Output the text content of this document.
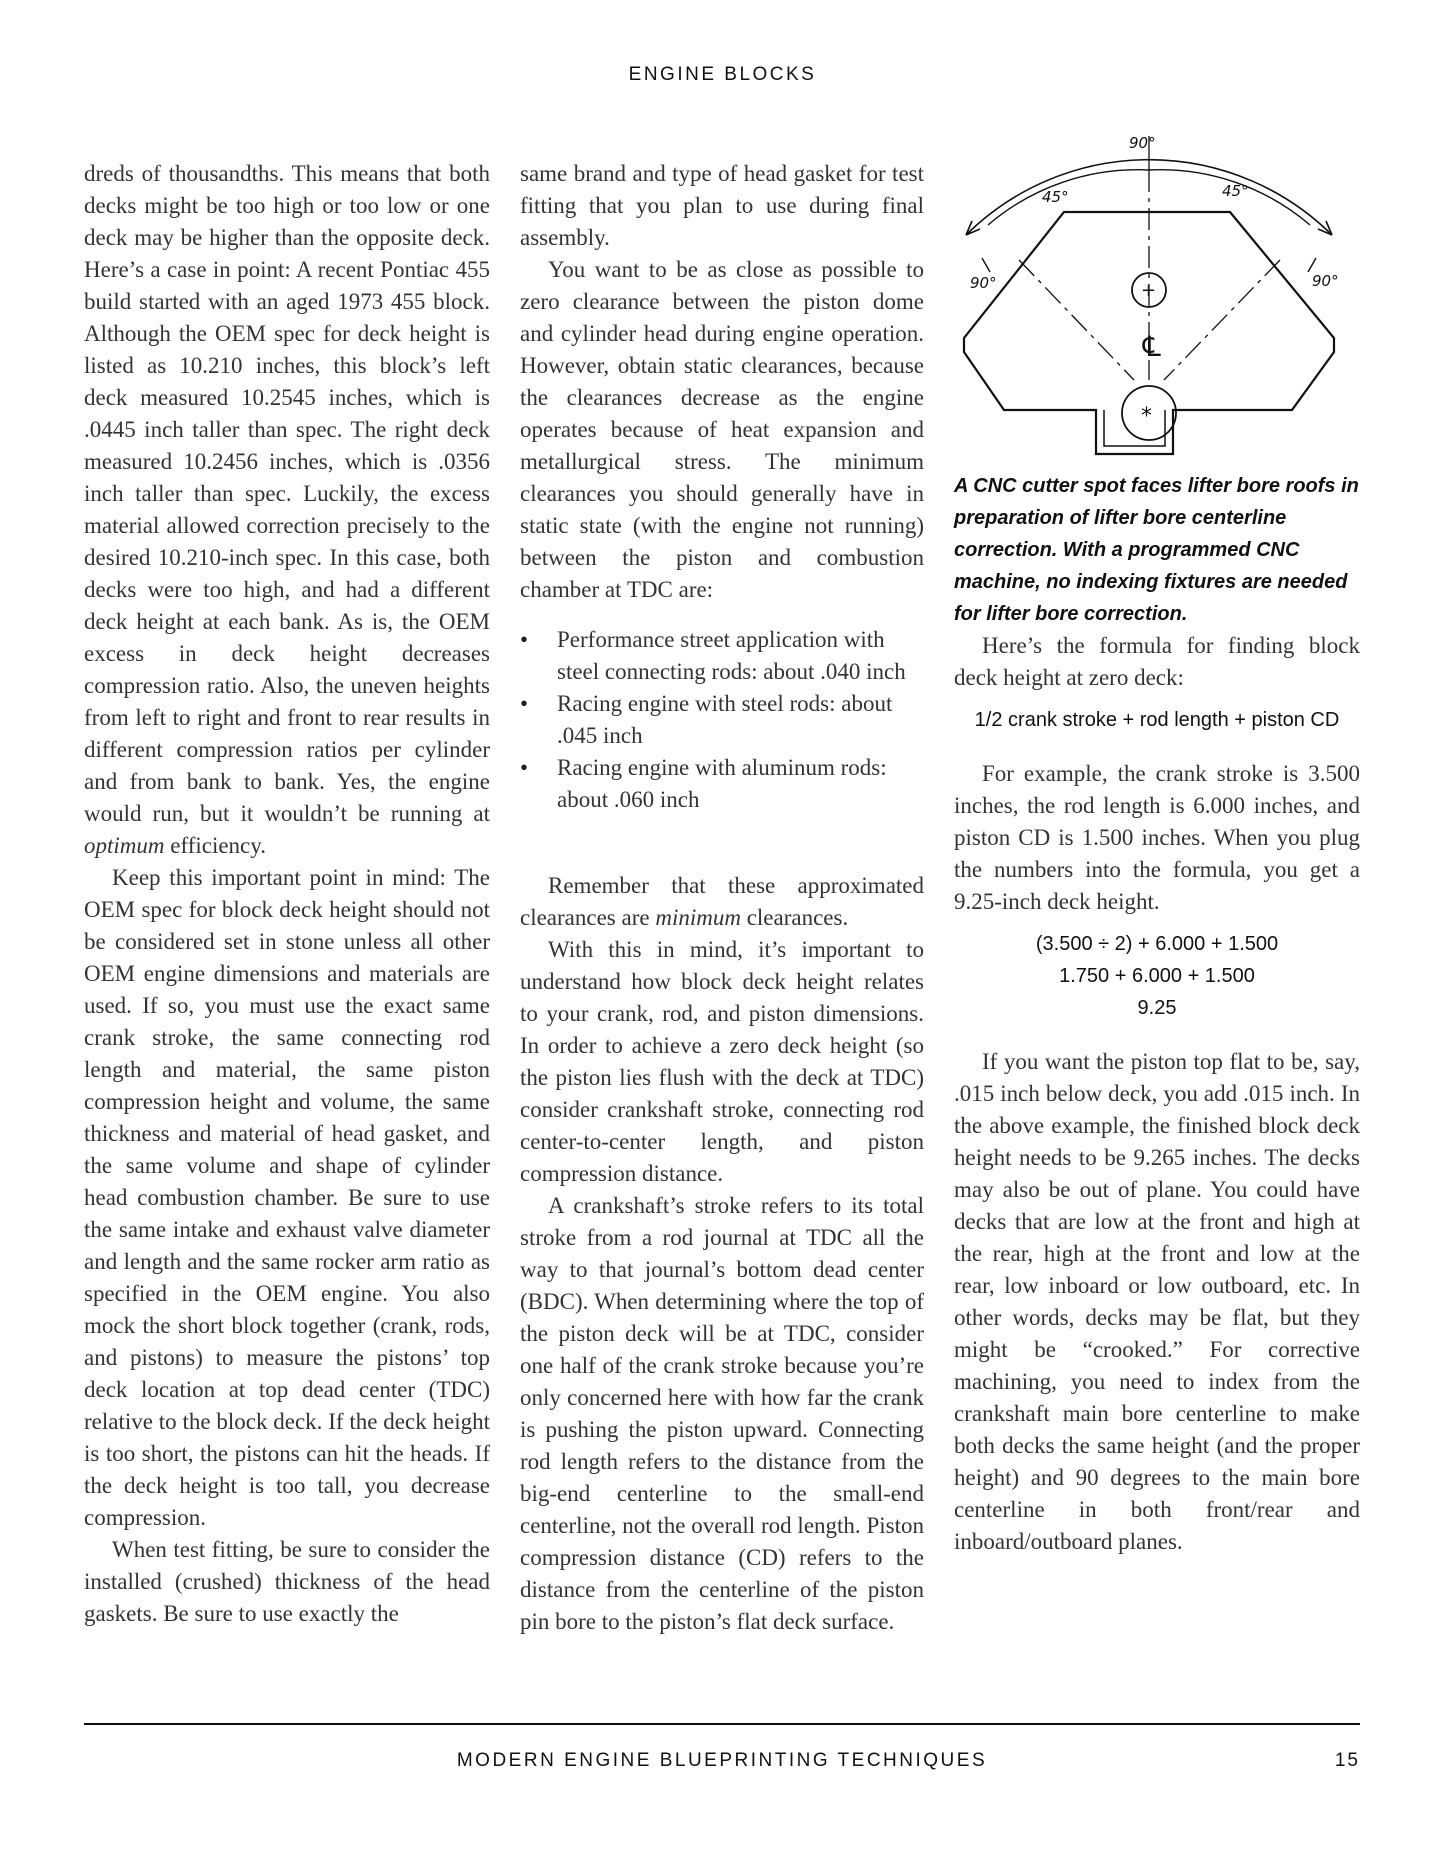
ENGINE BLOCKS

dreds of thousandths. This means that both decks might be too high or too low or one deck may be higher than the opposite deck. Here’s a case in point: A recent Pontiac 455 build started with an aged 1973 455 block. Although the OEM spec for deck height is listed as 10.210 inches, this block’s left deck measured 10.2545 inches, which is .0445 inch taller than spec. The right deck measured 10.2456 inches, which is .0356 inch taller than spec. Luckily, the excess material allowed correction precisely to the desired 10.210-inch spec. In this case, both decks were too high, and had a different deck height at each bank. As is, the OEM excess in deck height decreases compression ratio. Also, the uneven heights from left to right and front to rear results in different compression ratios per cylinder and from bank to bank. Yes, the engine would run, but it wouldn’t be running at optimum efficiency.

Keep this important point in mind: The OEM spec for block deck height should not be considered set in stone unless all other OEM engine dimensions and materials are used. If so, you must use the exact same crank stroke, the same connecting rod length and material, the same piston compression height and volume, the same thickness and material of head gasket, and the same volume and shape of cylinder head combustion chamber. Be sure to use the same intake and exhaust valve diameter and length and the same rocker arm ratio as specified in the OEM engine. You also mock the short block together (crank, rods, and pistons) to measure the pistons’ top deck location at top dead center (TDC) relative to the block deck. If the deck height is too short, the pistons can hit the heads. If the deck height is too tall, you decrease compression.

When test fitting, be sure to consider the installed (crushed) thickness of the head gaskets. Be sure to use exactly the

same brand and type of head gasket for test fitting that you plan to use during final assembly.

You want to be as close as possible to zero clearance between the piston dome and cylinder head during engine operation. However, obtain static clearances, because the clearances decrease as the engine operates because of heat expansion and metallurgical stress. The minimum clearances you should generally have in static state (with the engine not running) between the piston and combustion chamber at TDC are:

• Performance street application with steel connecting rods: about .040 inch
• Racing engine with steel rods: about .045 inch
• Racing engine with aluminum rods: about .060 inch

Remember that these approximated clearances are minimum clearances.

With this in mind, it’s important to understand how block deck height relates to your crank, rod, and piston dimensions. In order to achieve a zero deck height (so the piston lies flush with the deck at TDC) consider crankshaft stroke, connecting rod center-to-center length, and piston compression distance.

A crankshaft’s stroke refers to its total stroke from a rod journal at TDC all the way to that journal’s bottom dead center (BDC). When determining where the top of the piston deck will be at TDC, consider one half of the crank stroke because you’re only concerned here with how far the crank is pushing the piston upward. Connecting rod length refers to the distance from the big-end centerline to the small-end centerline, not the overall rod length. Piston compression distance (CD) refers to the distance from the centerline of the piston pin bore to the piston’s flat deck surface.

90°
45°	45°
90°	90°
+
℄
*

A CNC cutter spot faces lifter bore roofs in preparation of lifter bore centerline correction. With a programmed CNC machine, no indexing fixtures are needed for lifter bore correction.

Here’s the formula for finding block deck height at zero deck:

1/2 crank stroke + rod length + piston CD

For example, the crank stroke is 3.500 inches, the rod length is 6.000 inches, and piston CD is 1.500 inches. When you plug the numbers into the formula, you get a 9.25-inch deck height.

(3.500 ÷ 2) + 6.000 + 1.500
1.750 + 6.000 + 1.500
9.25

If you want the piston top flat to be, say, .015 inch below deck, you add .015 inch. In the above example, the finished block deck height needs to be 9.265 inches. The decks may also be out of plane. You could have decks that are low at the front and high at the rear, high at the front and low at the rear, low inboard or low outboard, etc. In other words, decks may be flat, but they might be “crooked.” For corrective machining, you need to index from the crankshaft main bore centerline to make both decks the same height (and the proper height) and 90 degrees to the main bore centerline in both front/rear and inboard/outboard planes.

MODERN ENGINE BLUEPRINTING TECHNIQUES	15
